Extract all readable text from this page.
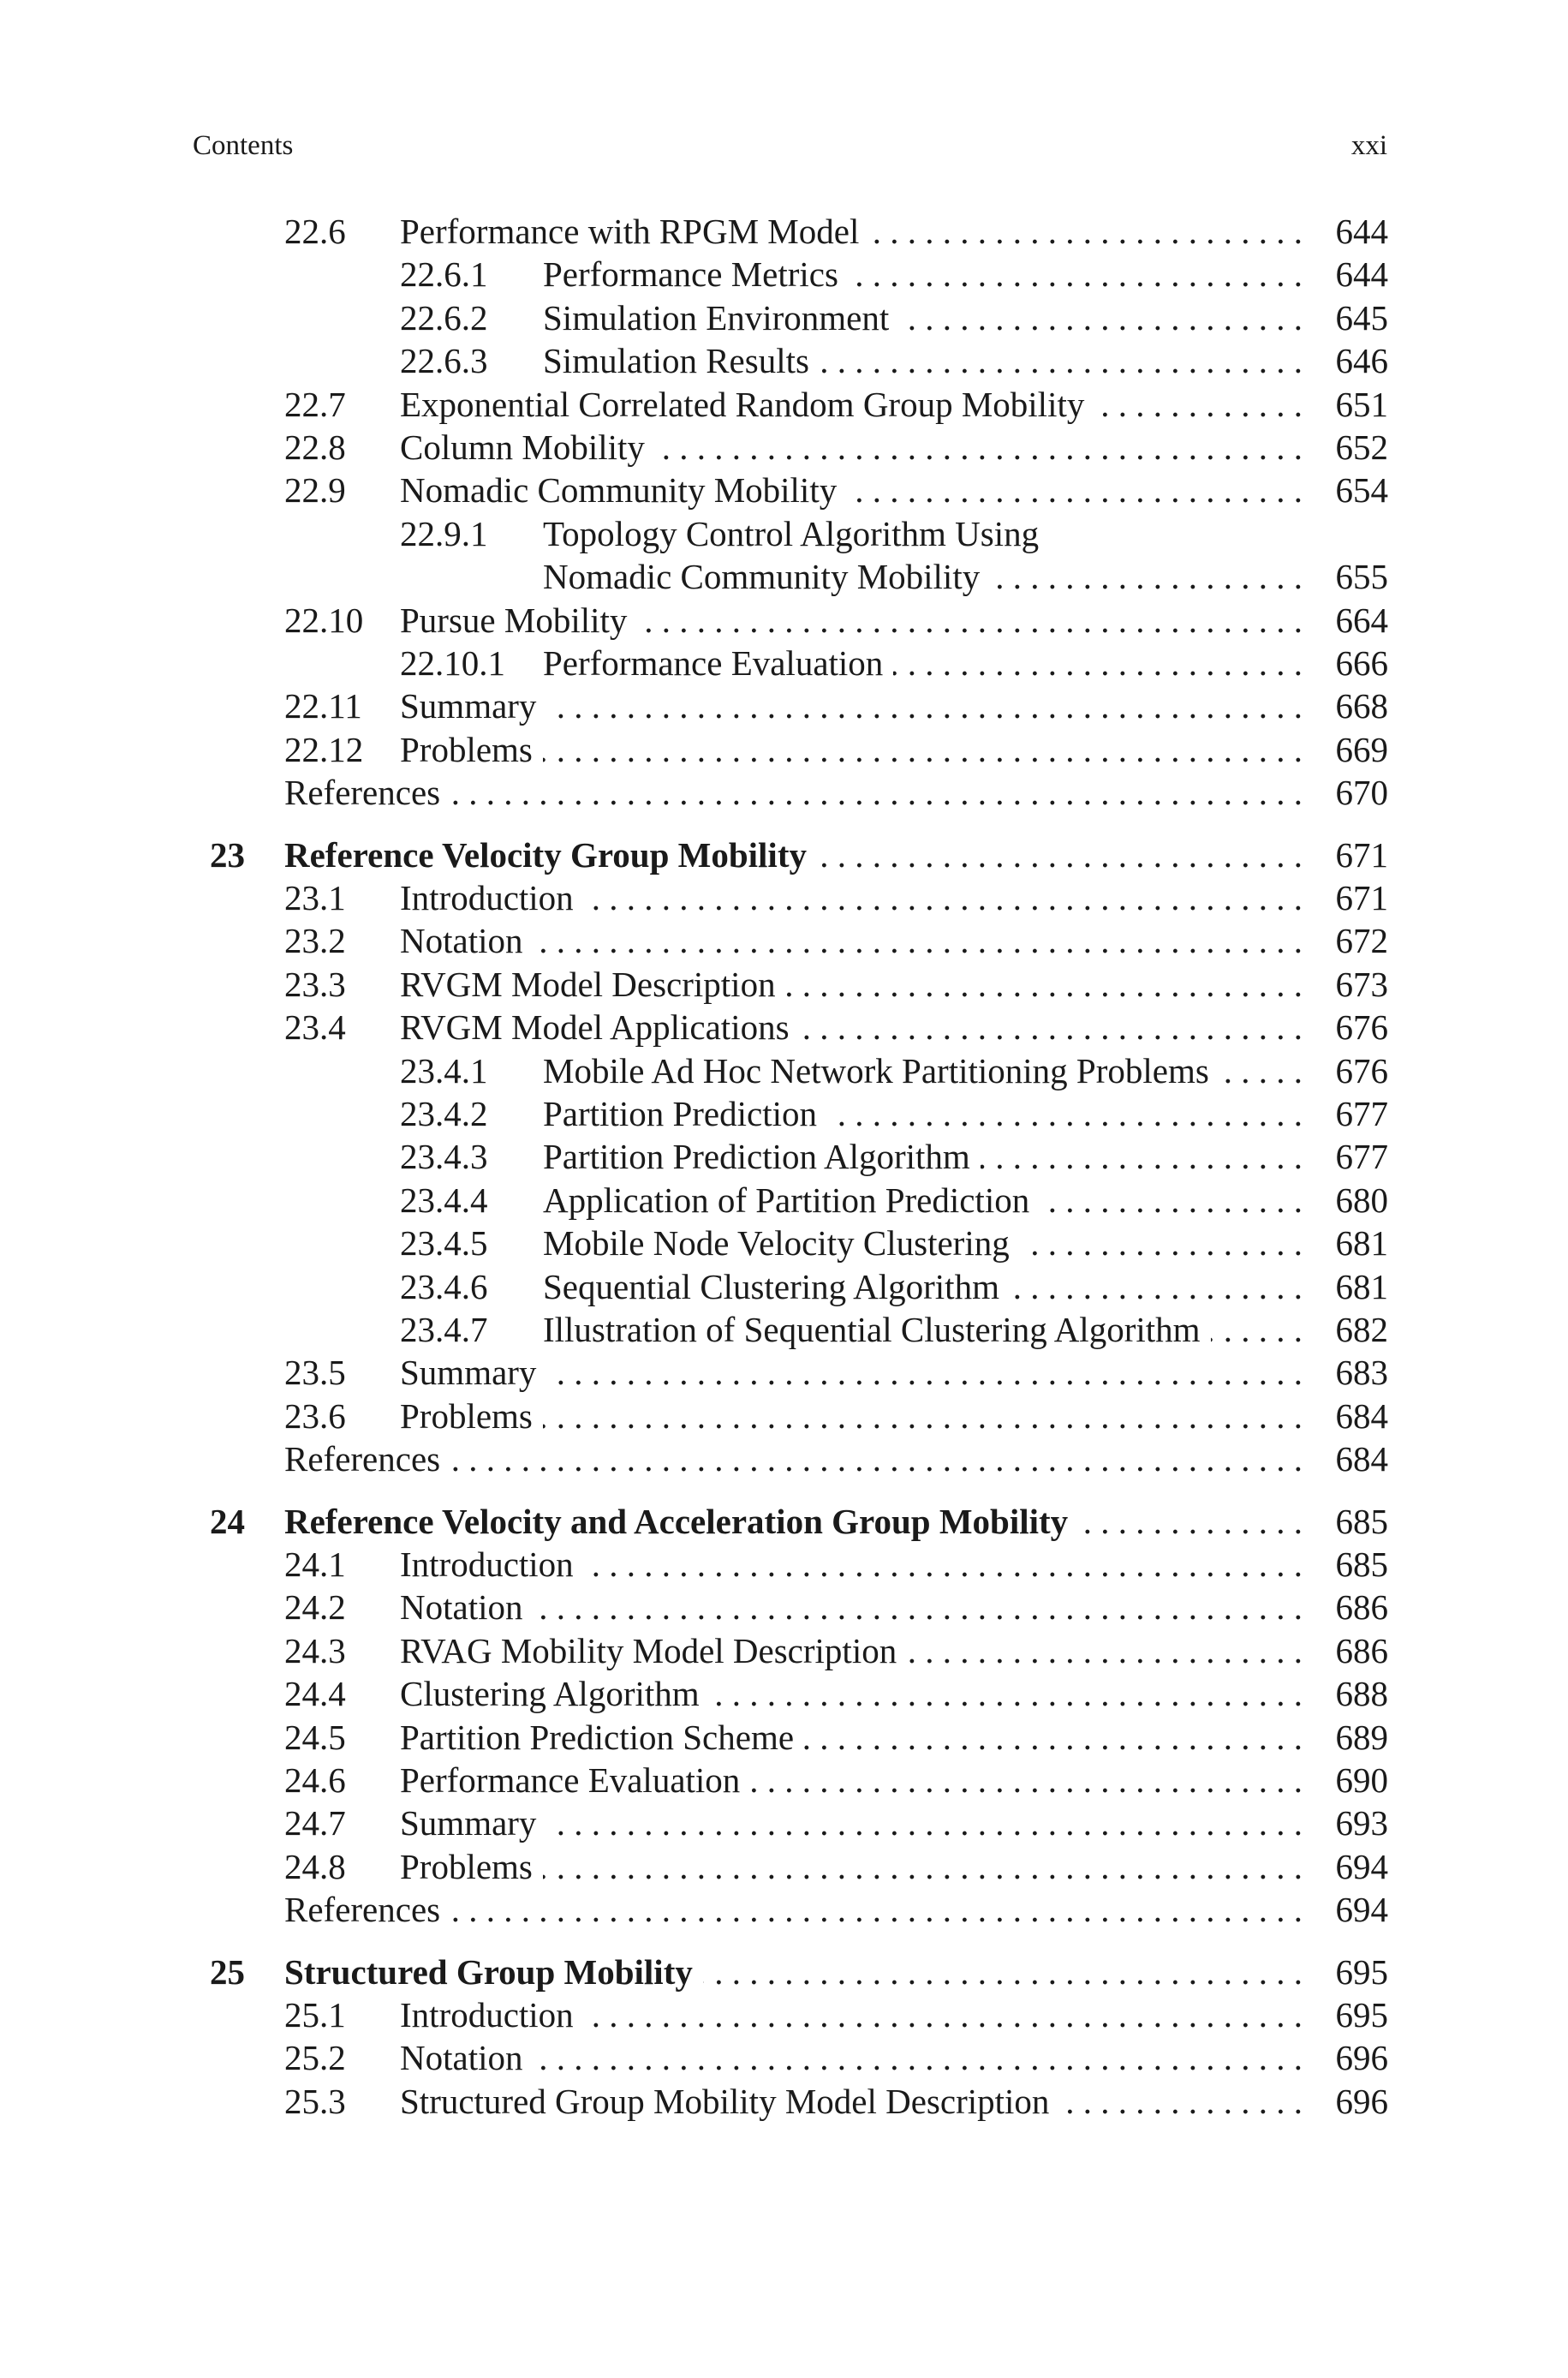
Contents	xxi
22.6 Performance with RPGM Model . . .	644
22.6.1 Performance Metrics . . .	644
22.6.2 Simulation Environment . . .	645
22.6.3 Simulation Results . . .	646
22.7 Exponential Correlated Random Group Mobility . . .	651
22.8 Column Mobility . . .	652
22.9 Nomadic Community Mobility . . .	654
22.9.1 Topology Control Algorithm Using
Nomadic Community Mobility . . .	655
22.10 Pursue Mobility . . .	664
22.10.1 Performance Evaluation . . .	666
22.11 Summary . . .	668
22.12 Problems . . .	669
References . . .	670
23 Reference Velocity Group Mobility . . .	671
23.1 Introduction . . .	671
23.2 Notation . . .	672
23.3 RVGM Model Description . . .	673
23.4 RVGM Model Applications . . .	676
23.4.1 Mobile Ad Hoc Network Partitioning Problems . . .	676
23.4.2 Partition Prediction . . .	677
23.4.3 Partition Prediction Algorithm . . .	677
23.4.4 Application of Partition Prediction . . .	680
23.4.5 Mobile Node Velocity Clustering . . .	681
23.4.6 Sequential Clustering Algorithm . . .	681
23.4.7 Illustration of Sequential Clustering Algorithm . . .	682
23.5 Summary . . .	683
23.6 Problems . . .	684
References . . .	684
24 Reference Velocity and Acceleration Group Mobility . . .	685
24.1 Introduction . . .	685
24.2 Notation . . .	686
24.3 RVAG Mobility Model Description . . .	686
24.4 Clustering Algorithm . . .	688
24.5 Partition Prediction Scheme . . .	689
24.6 Performance Evaluation . . .	690
24.7 Summary . . .	693
24.8 Problems . . .	694
References . . .	694
25 Structured Group Mobility . . .	695
25.1 Introduction . . .	695
25.2 Notation . . .	696
25.3 Structured Group Mobility Model Description . . .	696
